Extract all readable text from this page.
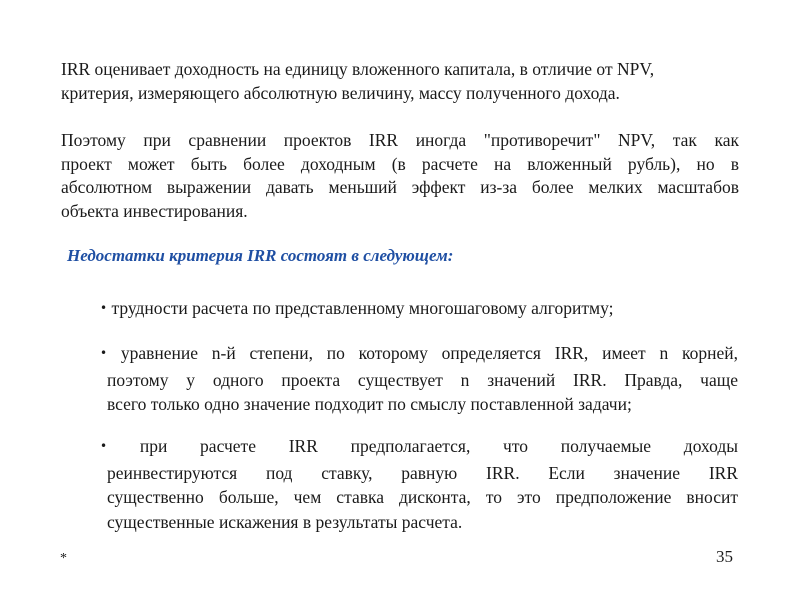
IRR оценивает доходность на единицу вложенного капитала, в отличие от NPV,
критерия, измеряющего абсолютную величину, массу полученного дохода.
Поэтому при сравнении проектов IRR иногда "противоречит" NPV, так как
проект может быть более доходным (в расчете на вложенный рубль), но в
абсолютном выражении давать меньший эффект из-за более мелких масштабов
объекта инвестирования.
Недостатки критерия IRR состоят в следующем:
• трудности расчета по представленному многошаговому алгоритму;
• уравнение n-й степени, по которому определяется IRR, имеет n корней,
поэтому у одного проекта существует n значений IRR. Правда, чаще
всего только одно значение подходит по смыслу поставленной задачи;
• при расчете IRR предполагается, что получаемые доходы
реинвестируются под ставку, равную IRR. Если значение IRR
существенно больше, чем ставка дисконта, то это предположение вносит
существенные искажения в результаты расчета.
*	35
